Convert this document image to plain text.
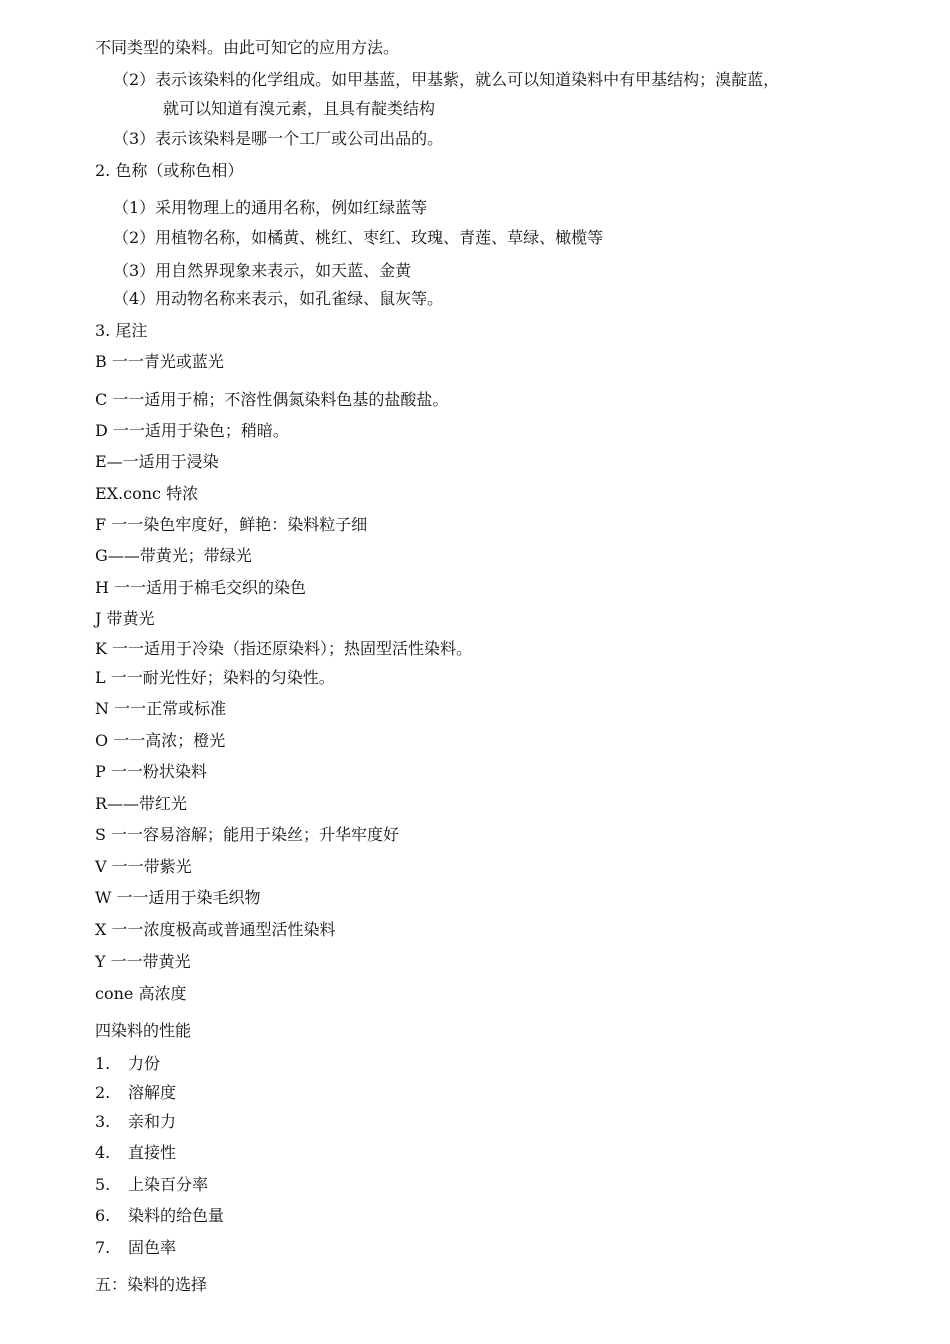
不同类型的染料。由此可知它的应用方法。
（2）表示该染料的化学组成。如甲基蓝，甲基紫，就么可以知道染料中有甲基结构；溴靛蓝，
就可以知道有溴元素，且具有靛类结构
（3）表示该染料是哪一个工厂或公司出品的。
2. 色称（或称色相）
（1）采用物理上的通用名称，例如红绿蓝等
（2）用植物名称，如橘黄、桃红、枣红、玫瑰、青莲、草绿、橄榄等
（3）用自然界现象来表示，如天蓝、金黄
（4）用动物名称来表示，如孔雀绿、鼠灰等。
3. 尾注
B 一一青光或蓝光
C 一一适用于棉；不溶性偶氮染料色基的盐酸盐。
D 一一适用于染色；稍暗。
E—一适用于浸染
EX.conc 特浓
F 一一染色牢度好，鲜艳：染料粒子细
G——带黄光；带绿光
H 一一适用于棉毛交织的染色
J 带黄光
K 一一适用于冷染（指还原染料）；热固型活性染料。
L 一一耐光性好；染料的匀染性。
N 一一正常或标准
O 一一高浓；橙光
P 一一粉状染料
R——带红光
S 一一容易溶解；能用于染丝；升华牢度好
V 一一带紫光
W 一一适用于染毛织物
X 一一浓度极高或普通型活性染料
Y 一一带黄光
cone 高浓度
四染料的性能
1.	力份
2.	溶解度
3.	亲和力
4.	直接性
5.	上染百分率
6.	染料的给色量
7.	固色率
五：染料的选择
